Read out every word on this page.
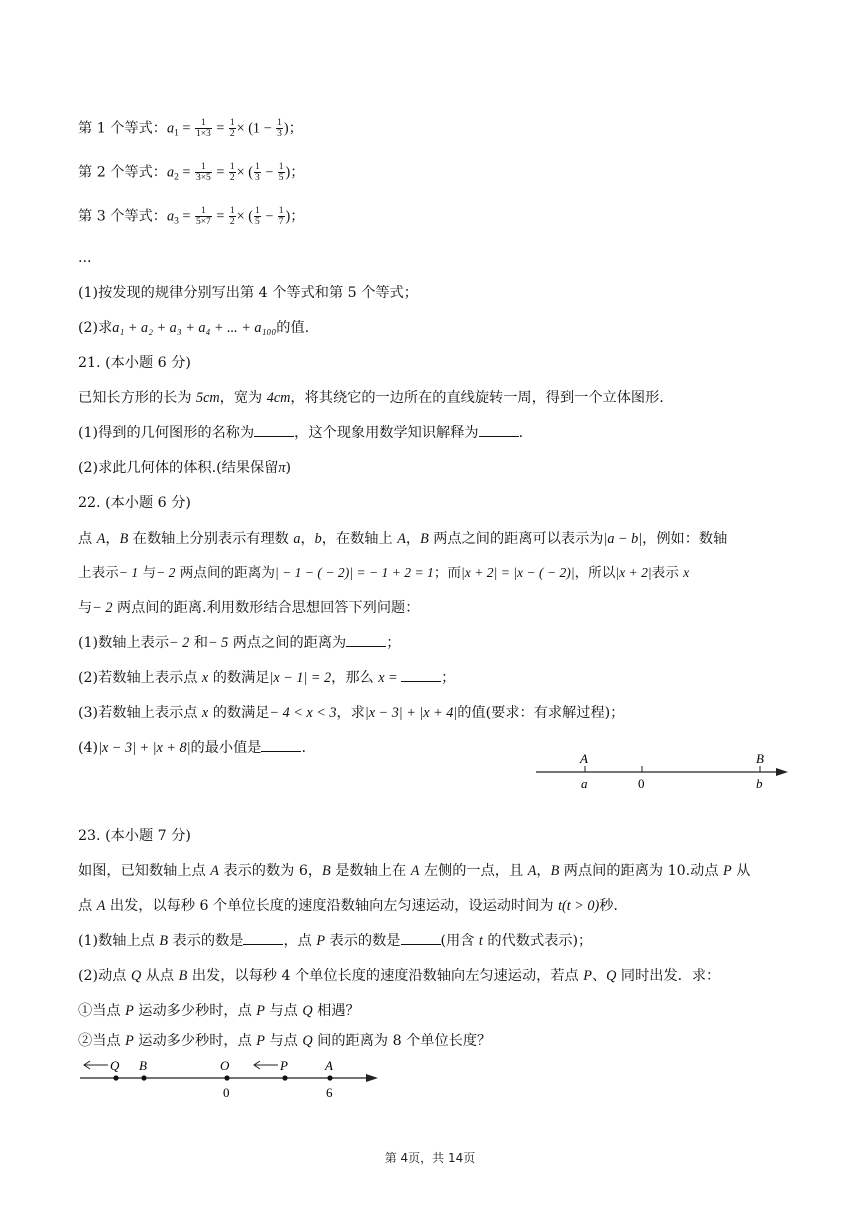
第 1 个等式：$a_1 = \frac{1}{1\times 3} = \frac{1}{2} \times (1 - \frac{1}{3}$ )；
第 2 个等式：$a_2 = \frac{1}{3\times 5} = \frac{1}{2}$ × ( $\frac{1}{3} - \frac{1}{5}$ )；
第 3 个等式：$a_3 = \frac{1}{5\times 7} = \frac{1}{2}$ × ( $\frac{1}{5} - \frac{1}{7}$ )；
...
(1)按发现的规律分别写出第 4 个等式和第 5 个等式；
(2)求a₁ + a₂ + a₃ + a₄ + ... + a₁₀₀的值.
21. (本小题 6 分)
已知长方形的长为 5cm，宽为 4cm，将其绕它的一边所在的直线旋转一周，得到一个立体图形.
(1)得到的几何图形的名称为	，这个现象用数学知识解释为	.
(2)求此几何体的体积.(结果保留π)
22. (本小题 6 分)
点 A，B 在数轴上分别表示有理数 a，b，在数轴上 A，B 两点之间的距离可以表示为|a − b|，例如：数轴
上表示− 1 与− 2 两点间的距离为| − 1 − ( − 2)| = − 1 + 2 = 1；而|x + 2| = |x − ( − 2)|，所以|x + 2|表示 x
与− 2 两点间的距离.利用数形结合思想回答下列问题：
(1)数轴上表示− 2 和− 5 两点之间的距离为	；
(2)若数轴上表示点 x 的数满足|x − 1| = 2，那么 x =	；
(3)若数轴上表示点 x 的数满足− 4 < x < 3，求|x − 3| + |x + 4|的值(要求：有求解过程)；
(4)|x − 3| + |x + 8|的最小值是	.
A	B
a	0	b
23. (本小题 7 分)
如图，已知数轴上点 A 表示的数为 6，B 是数轴上在 A 左侧的一点，且 A，B 两点间的距离为 10.动点 P 从
点 A 出发，以每秒 6 个单位长度的速度沿数轴向左匀速运动，设运动时间为 t(t > 0)秒.
(1)数轴上点 B 表示的数是	，点 P 表示的数是	(用含 t 的代数式表示)；
(2)动点 Q 从点 B 出发，以每秒 4 个单位长度的速度沿数轴向左匀速运动，若点 P、Q 同时出发．求：
①当点 P 运动多少秒时，点 P 与点 Q 相遇？
②当点 P 运动多少秒时，点 P 与点 Q 间的距离为 8 个单位长度？
Q B	O	P	A
0	6
第 4页，共 14页
